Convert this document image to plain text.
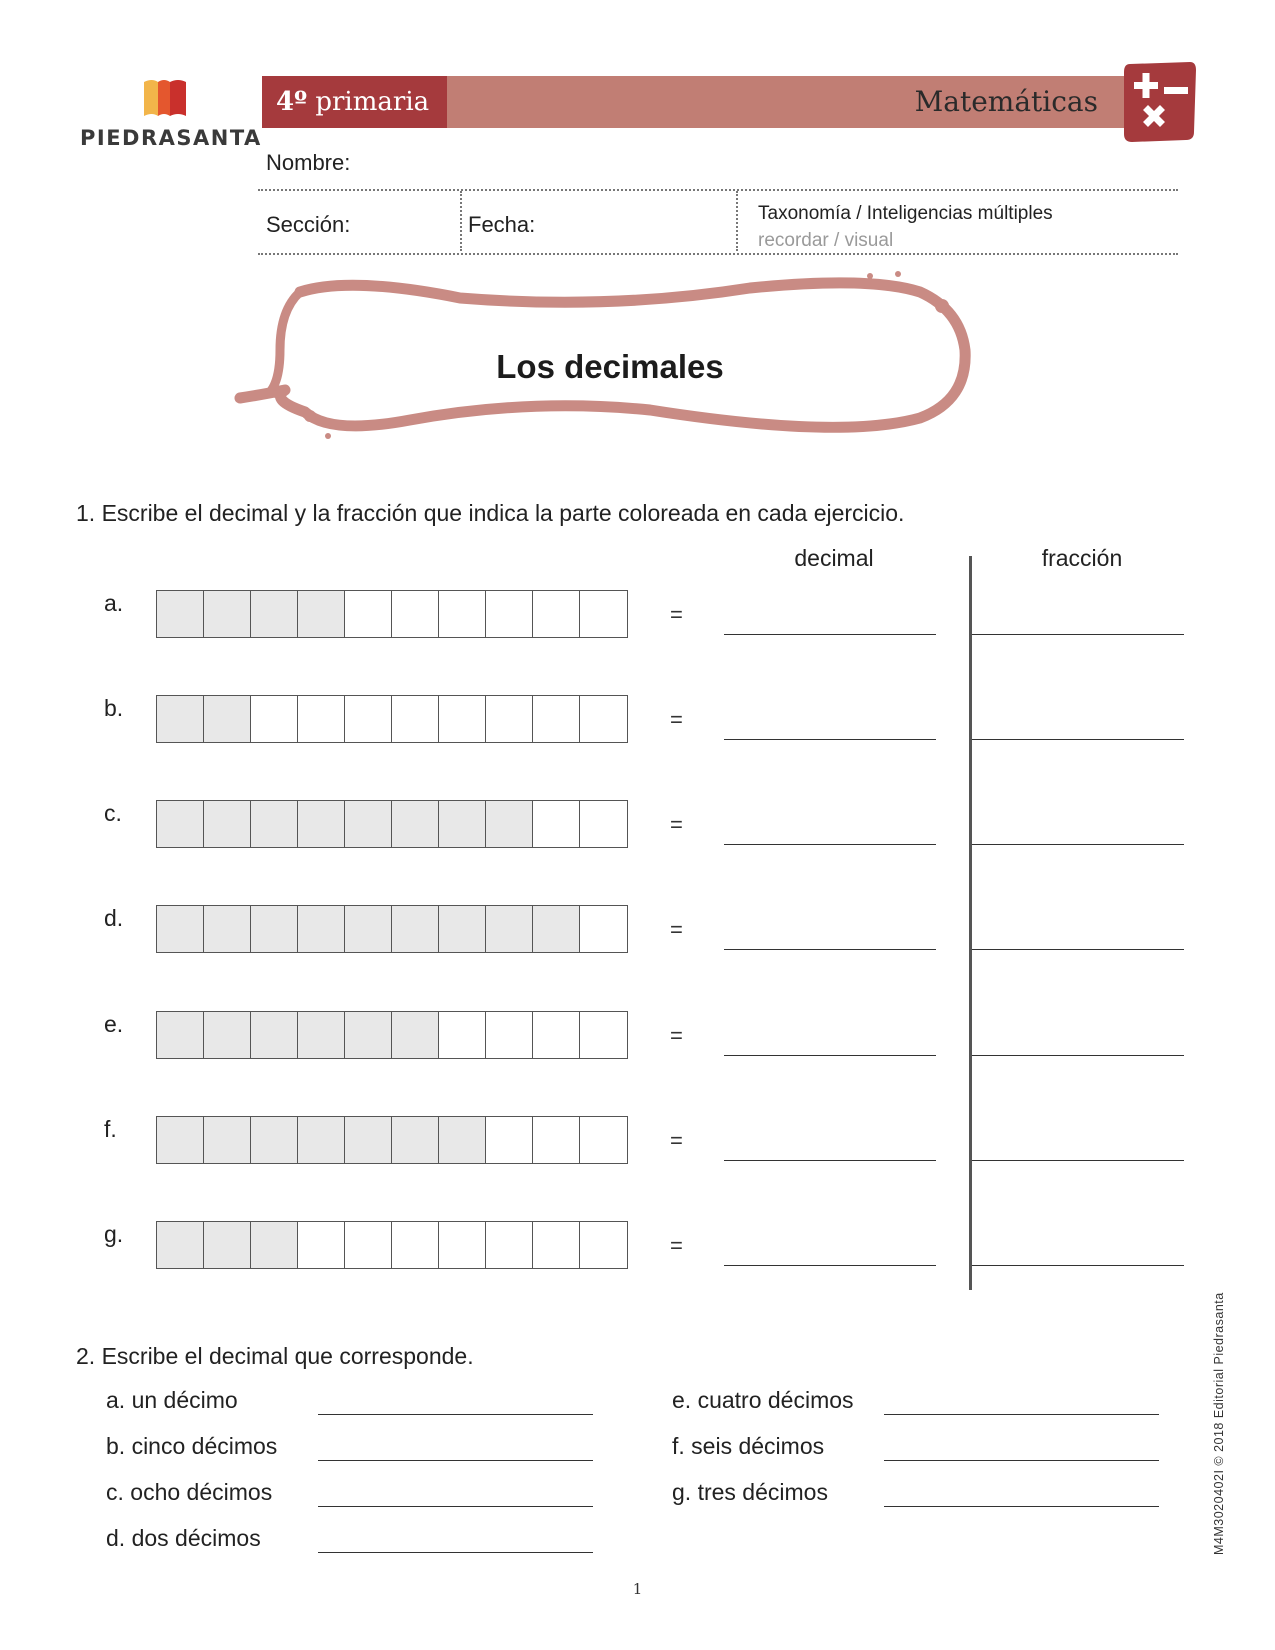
PIEDRASANTA
4º primaria	Matemáticas
Nombre:
Sección:	Fecha:	Taxonomía / Inteligencias múltiples
recordar / visual
Los decimales
1. Escribe el decimal y la fracción que indica la parte coloreada en cada ejercicio.
decimal	fracción
a.	=
b.	=
c.	=
d.	=
e.	=
f.	=
g.	=
2. Escribe el decimal que corresponde.
a. un décimo
b. cinco décimos
c. ocho décimos
d. dos décimos
e. cuatro décimos
f. seis décimos
g. tres décimos
1
M4M3020402I © 2018 Editorial Piedrasanta
